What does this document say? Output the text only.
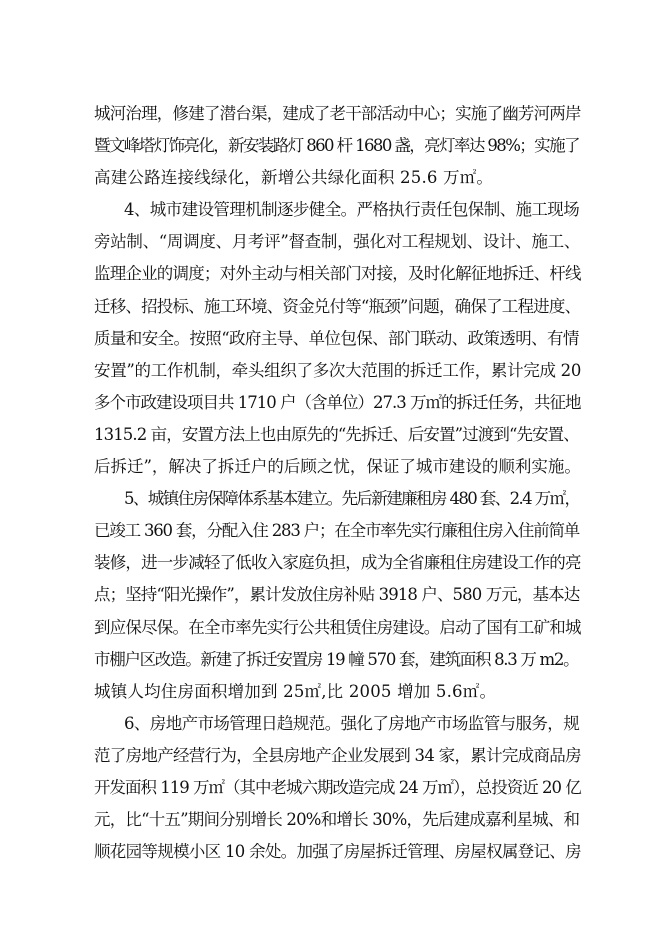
城河治理，修建了潜台渠，建成了老干部活动中心；实施了幽芳河两岸
暨文峰塔灯饰亮化，新安装路灯 860 杆 1680 盏，亮灯率达 98%；实施了
高建公路连接线绿化，新增公共绿化面积 25.6 万㎡。
4、城市建设管理机制逐步健全。严格执行责任包保制、施工现场
旁站制、“周调度、月考评”督查制，强化对工程规划、设计、施工、
监理企业的调度；对外主动与相关部门对接，及时化解征地拆迁、杆线
迁移、招投标、施工环境、资金兑付等“瓶颈”问题，确保了工程进度、
质量和安全。按照“政府主导、单位包保、部门联动、政策透明、有情
安置”的工作机制，牵头组织了多次大范围的拆迁工作，累计完成 20
多个市政建设项目共 1710 户（含单位）27.3 万㎡的拆迁任务，共征地
1315.2 亩，安置方法上也由原先的“先拆迁、后安置”过渡到“先安置、
后拆迁”，解决了拆迁户的后顾之忧，保证了城市建设的顺利实施。
5、城镇住房保障体系基本建立。先后新建廉租房 480 套、2.4 万㎡，
已竣工 360 套，分配入住 283 户；在全市率先实行廉租住房入住前简单
装修，进一步减轻了低收入家庭负担，成为全省廉租住房建设工作的亮
点；坚持“阳光操作”，累计发放住房补贴 3918 户、580 万元，基本达
到应保尽保。在全市率先实行公共租赁住房建设。启动了国有工矿和城
市棚户区改造。新建了拆迁安置房 19 幢 570 套，建筑面积 8.3 万 m2。
城镇人均住房面积增加到 25㎡,比 2005 增加 5.6㎡。
6、房地产市场管理日趋规范。强化了房地产市场监管与服务，规
范了房地产经营行为，全县房地产企业发展到 34 家，累计完成商品房
开发面积 119 万㎡（其中老城六期改造完成 24 万㎡），总投资近 20 亿
元，比“十五”期间分别增长 20%和增长 30%，先后建成嘉利星城、和
顺花园等规模小区 10 余处。加强了房屋拆迁管理、房屋权属登记、房
